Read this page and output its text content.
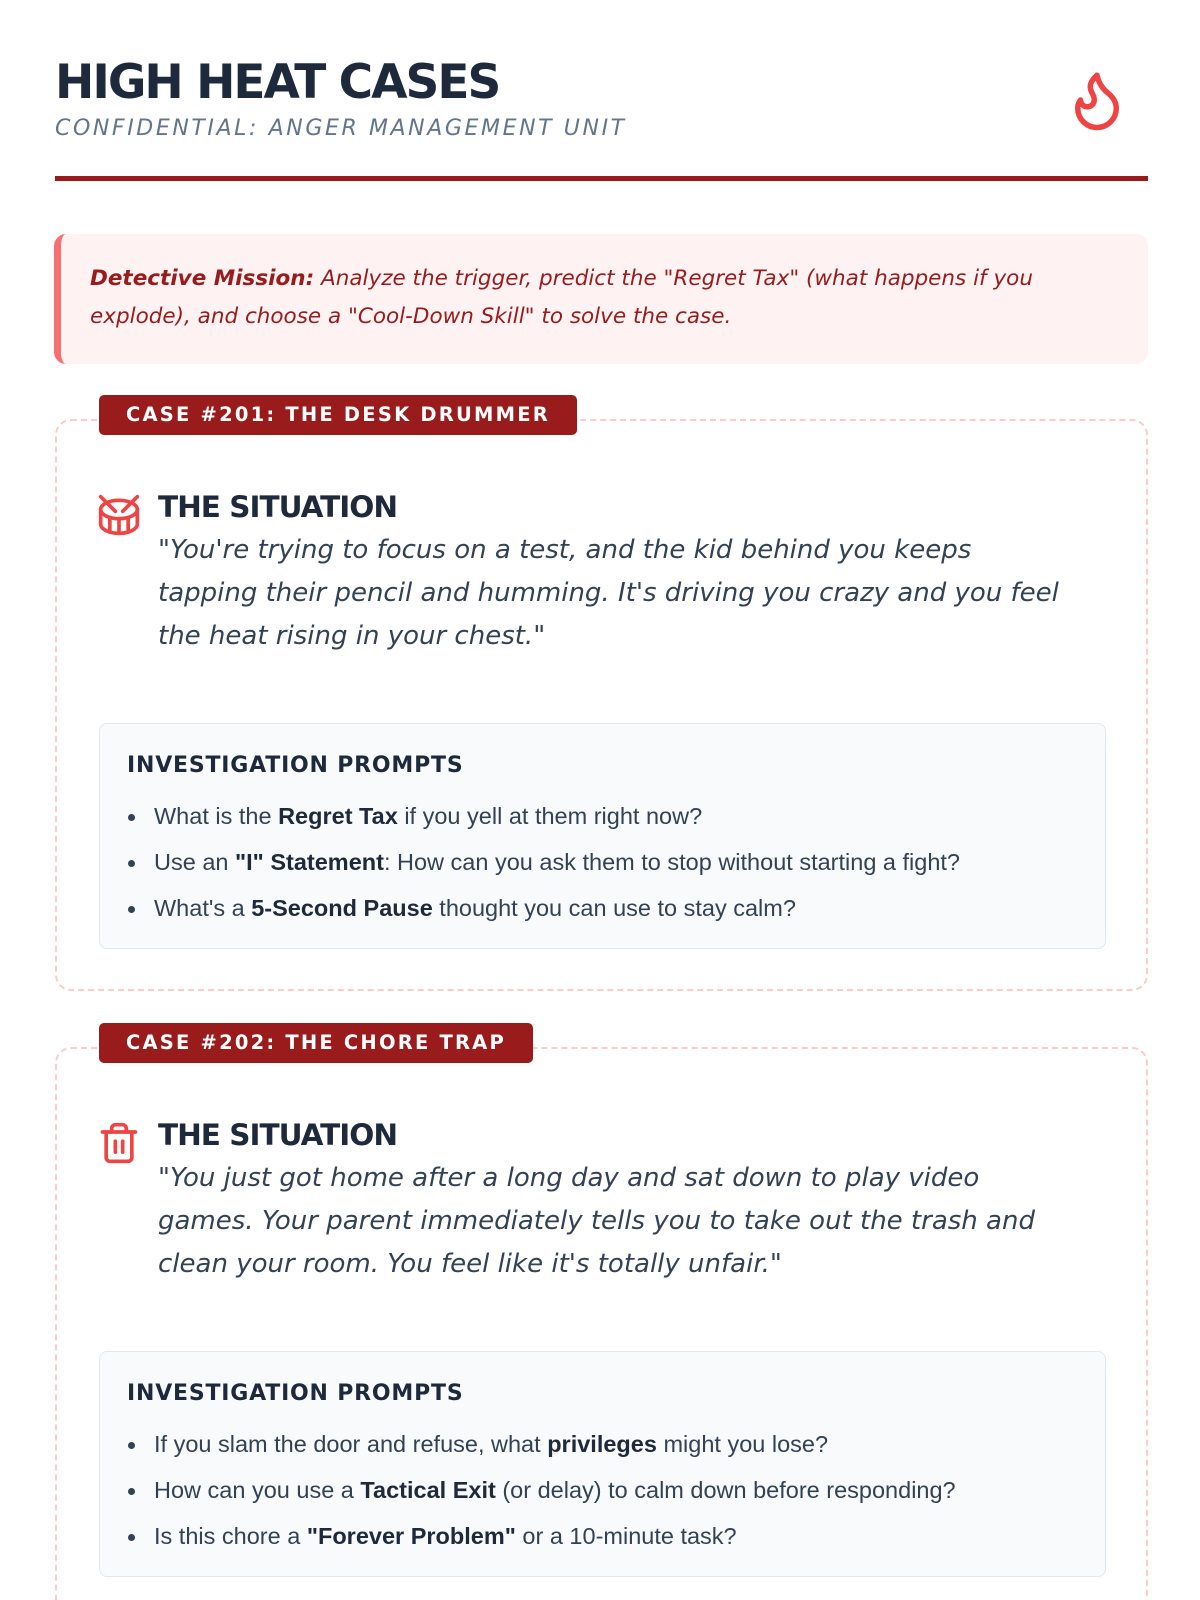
HIGH HEAT CASES
CONFIDENTIAL: ANGER MANAGEMENT UNIT
Detective Mission: Analyze the trigger, predict the "Regret Tax" (what happens if you explode), and choose a "Cool-Down Skill" to solve the case.
CASE #201: THE DESK DRUMMER
THE SITUATION
"You're trying to focus on a test, and the kid behind you keeps tapping their pencil and humming. It's driving you crazy and you feel the heat rising in your chest."
INVESTIGATION PROMPTS
What is the Regret Tax if you yell at them right now?
Use an "I" Statement: How can you ask them to stop without starting a fight?
What's a 5-Second Pause thought you can use to stay calm?
CASE #202: THE CHORE TRAP
THE SITUATION
"You just got home after a long day and sat down to play video games. Your parent immediately tells you to take out the trash and clean your room. You feel like it's totally unfair."
INVESTIGATION PROMPTS
If you slam the door and refuse, what privileges might you lose?
How can you use a Tactical Exit (or delay) to calm down before responding?
Is this chore a "Forever Problem" or a 10-minute task?
